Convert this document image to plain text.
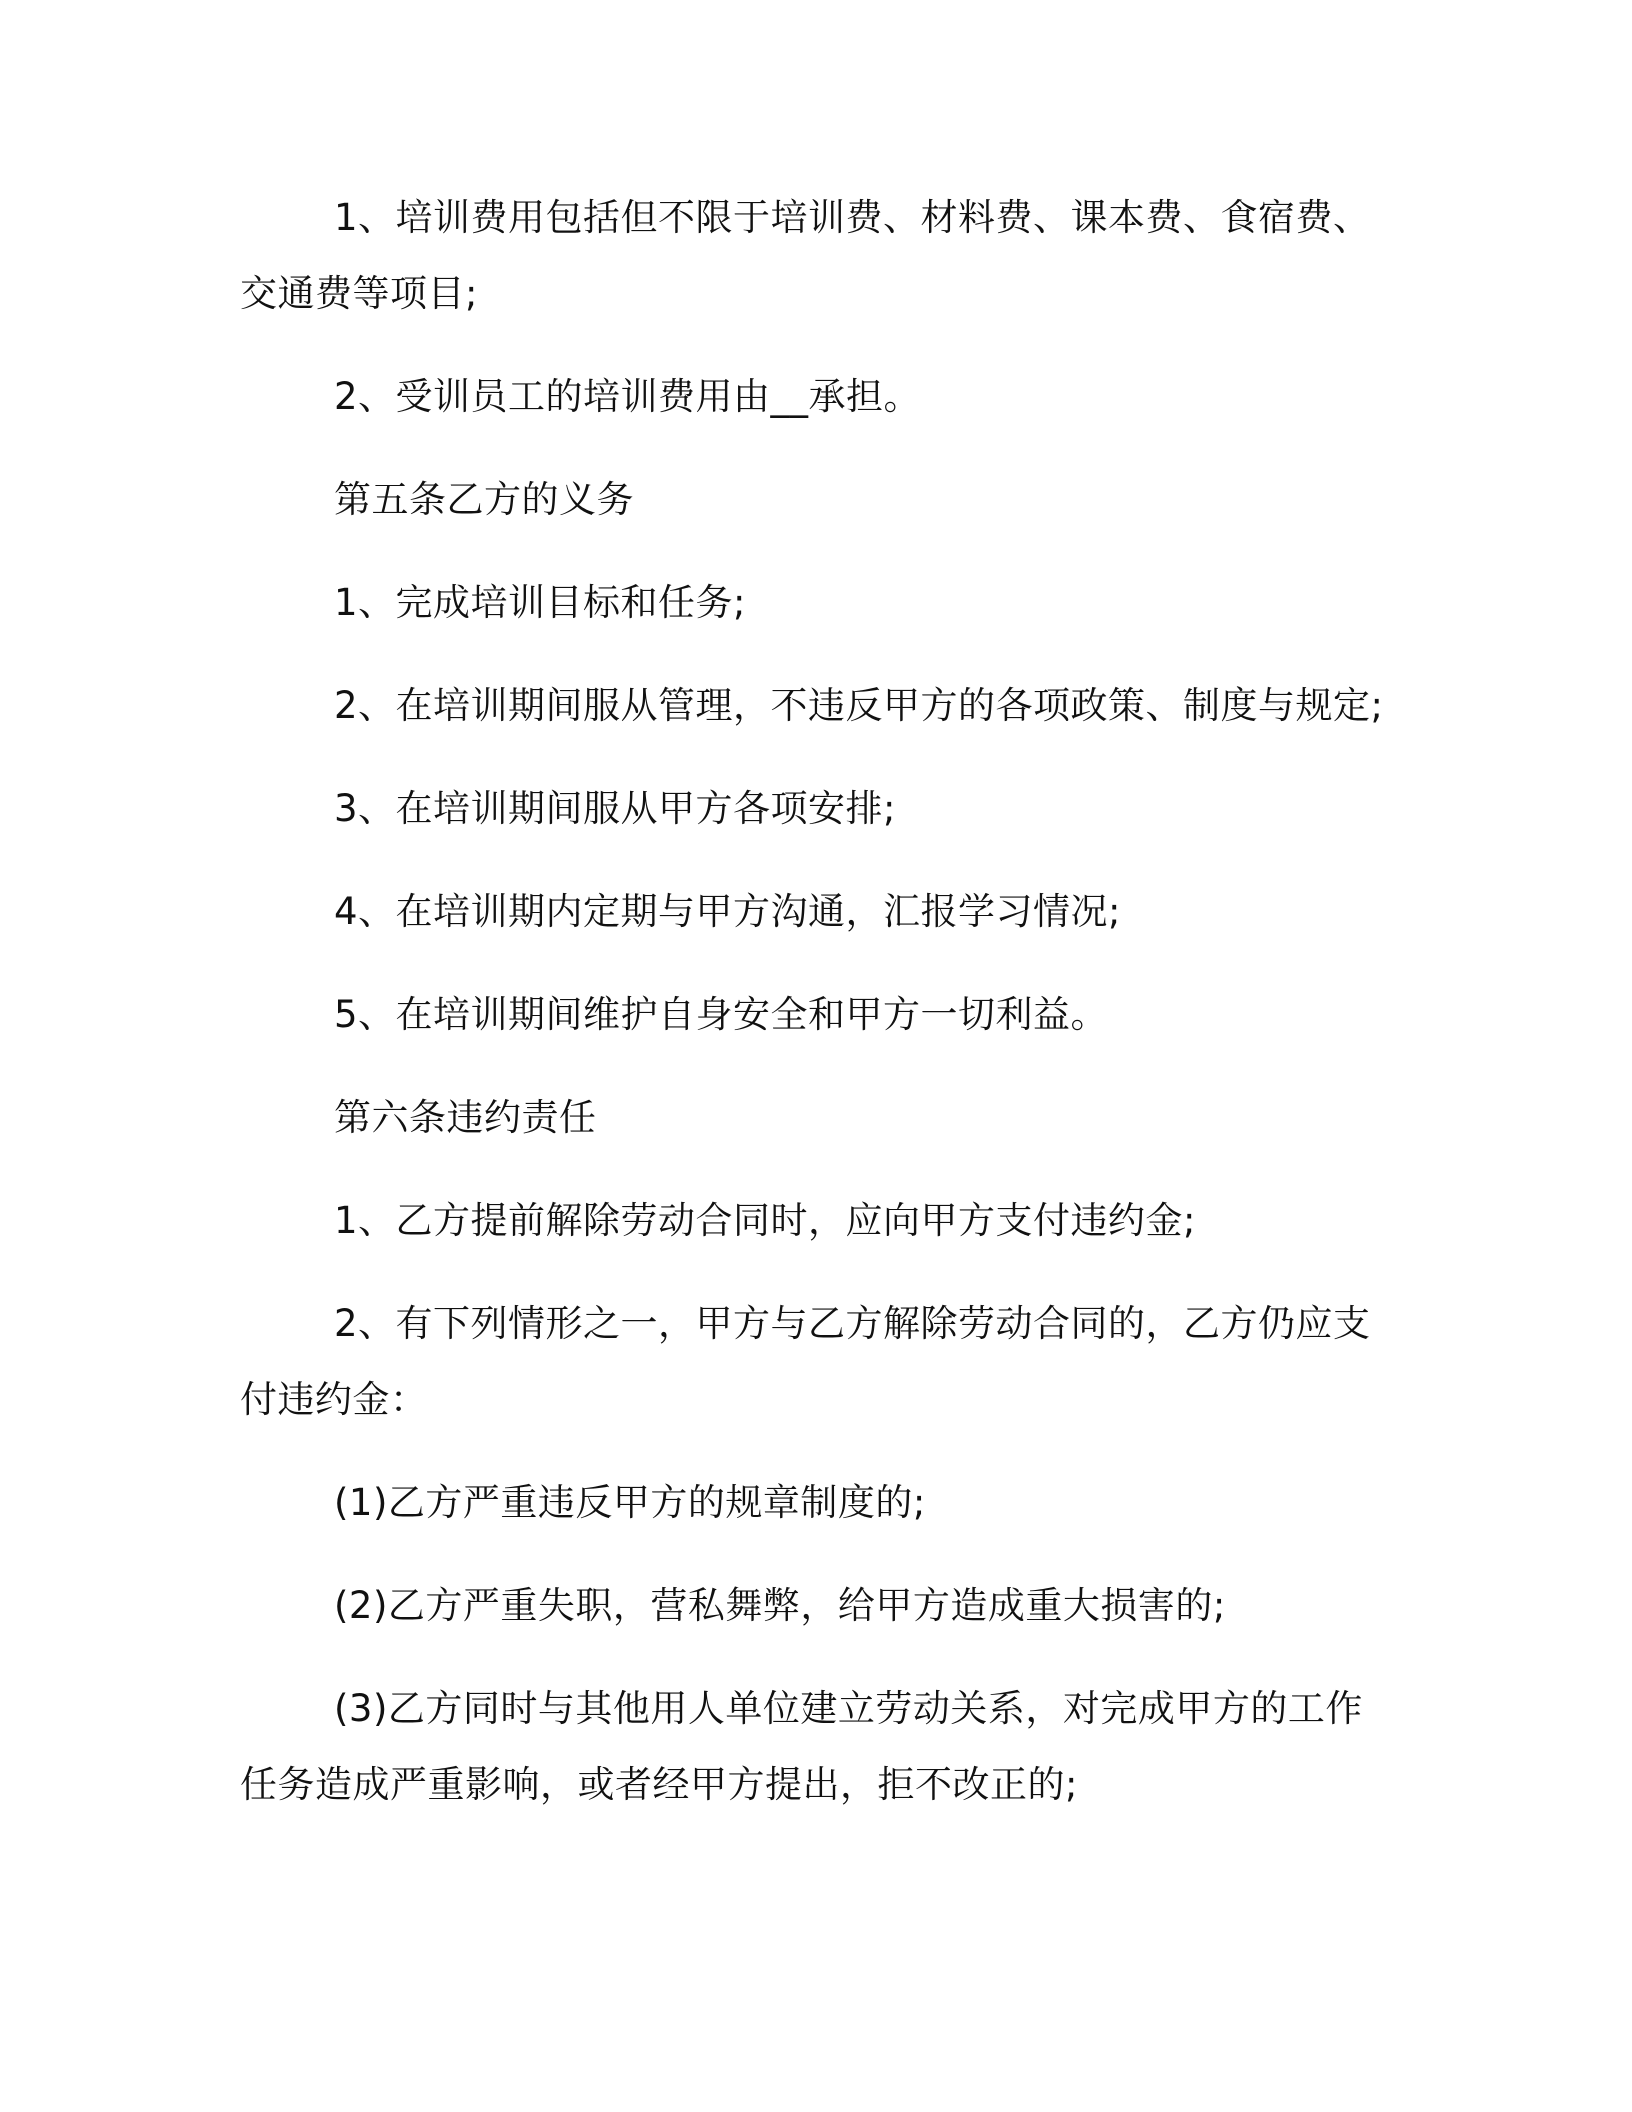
1、培训费用包括但不限于培训费、材料费、课本费、食宿费、交通费等项目;

2、受训员工的培训费用由__承担。

第五条乙方的义务

1、完成培训目标和任务;

2、在培训期间服从管理，不违反甲方的各项政策、制度与规定;

3、在培训期间服从甲方各项安排;

4、在培训期内定期与甲方沟通，汇报学习情况;

5、在培训期间维护自身安全和甲方一切利益。

第六条违约责任

1、乙方提前解除劳动合同时，应向甲方支付违约金;

2、有下列情形之一，甲方与乙方解除劳动合同的，乙方仍应支付违约金：

(1)乙方严重违反甲方的规章制度的;

(2)乙方严重失职，营私舞弊，给甲方造成重大损害的;

(3)乙方同时与其他用人单位建立劳动关系，对完成甲方的工作任务造成严重影响，或者经甲方提出，拒不改正的;
